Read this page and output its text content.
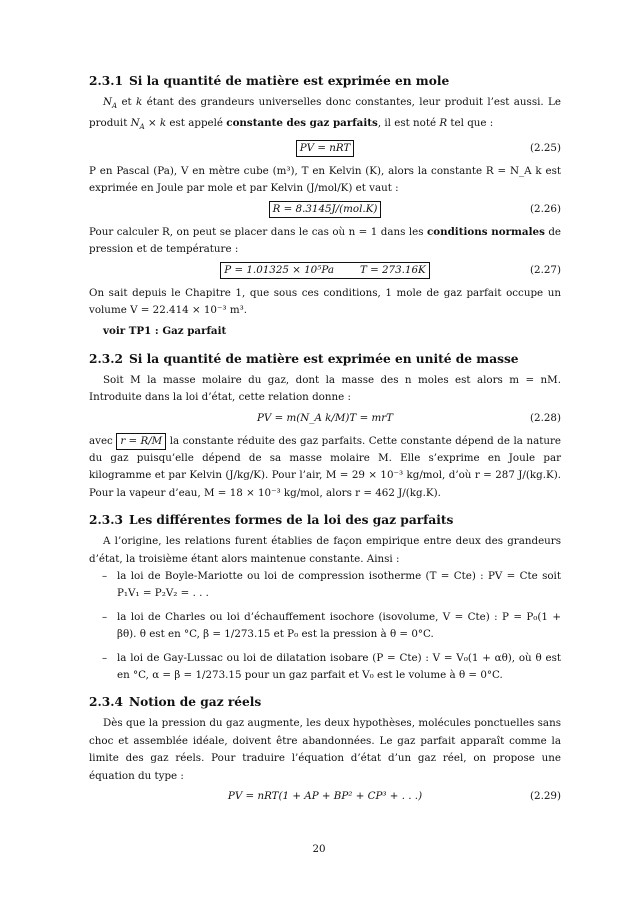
2.3.1 Si la quantité de matière est exprimée en mole

$N_A$ et k étant des grandeurs universelles donc constantes, leur produit l’est aussi. Le produit $N_A \times k$ est appelé constante des gaz parfaits, il est noté R tel que :

PV = nRT	(2.25)

P en Pascal (Pa), V en mètre cube (m³), T en Kelvin (K), alors la constante R = N_A k est exprimée en Joule par mole et par Kelvin (J/mol/K) et vaut :

R = 8.3145J/(mol.K)	(2.26)

Pour calculer R, on peut se placer dans le cas où n = 1 dans les conditions normales de pression et de température :

P = 1.01325 × 10⁵Pa	T = 273.16K	(2.27)

On sait depuis le Chapitre 1, que sous ces conditions, 1 mole de gaz parfait occupe un volume V = 22.414 × 10⁻³ m³.

voir TP1 : Gaz parfait

2.3.2 Si la quantité de matière est exprimée en unité de masse

Soit M la masse molaire du gaz, dont la masse des n moles est alors m = nM. Introduite dans la loi d’état, cette relation donne :

PV = m(N_A k/M)T = mrT	(2.28)

avec r = R/M la constante réduite des gaz parfaits. Cette constante dépend de la nature du gaz puisqu’elle dépend de sa masse molaire M. Elle s’exprime en Joule par kilogramme et par Kelvin (J/kg/K). Pour l’air, M = 29 × 10⁻³ kg/mol, d’où r = 287 J/(kg.K). Pour la vapeur d’eau, M = 18 × 10⁻³ kg/mol, alors r = 462 J/(kg.K).

2.3.3 Les différentes formes de la loi des gaz parfaits

A l’origine, les relations furent établies de façon empirique entre deux des grandeurs d’état, la troisième étant alors maintenue constante. Ainsi :

– la loi de Boyle-Mariotte ou loi de compression isotherme (T = Cte) : PV = Cte soit P₁V₁ = P₂V₂ = . . .
– la loi de Charles ou loi d’échauffement isochore (isovolume, V = Cte) : P = P₀(1 + βθ). θ est en °C, β = 1/273.15 et P₀ est la pression à θ = 0°C.
– la loi de Gay-Lussac ou loi de dilatation isobare (P = Cte) : V = V₀(1 + αθ), où θ est en °C, α = β = 1/273.15 pour un gaz parfait et V₀ est le volume à θ = 0°C.
2.3.4 Notion de gaz réels

Dès que la pression du gaz augmente, les deux hypothèses, molécules ponctuelles sans choc et assemblée idéale, doivent être abandonnées. Le gaz parfait apparaît comme la limite des gaz réels. Pour traduire l’équation d’état d’un gaz réel, on propose une équation du type :

PV = nRT(1 + AP + BP² + CP³ + . . .)	(2.29)
20
